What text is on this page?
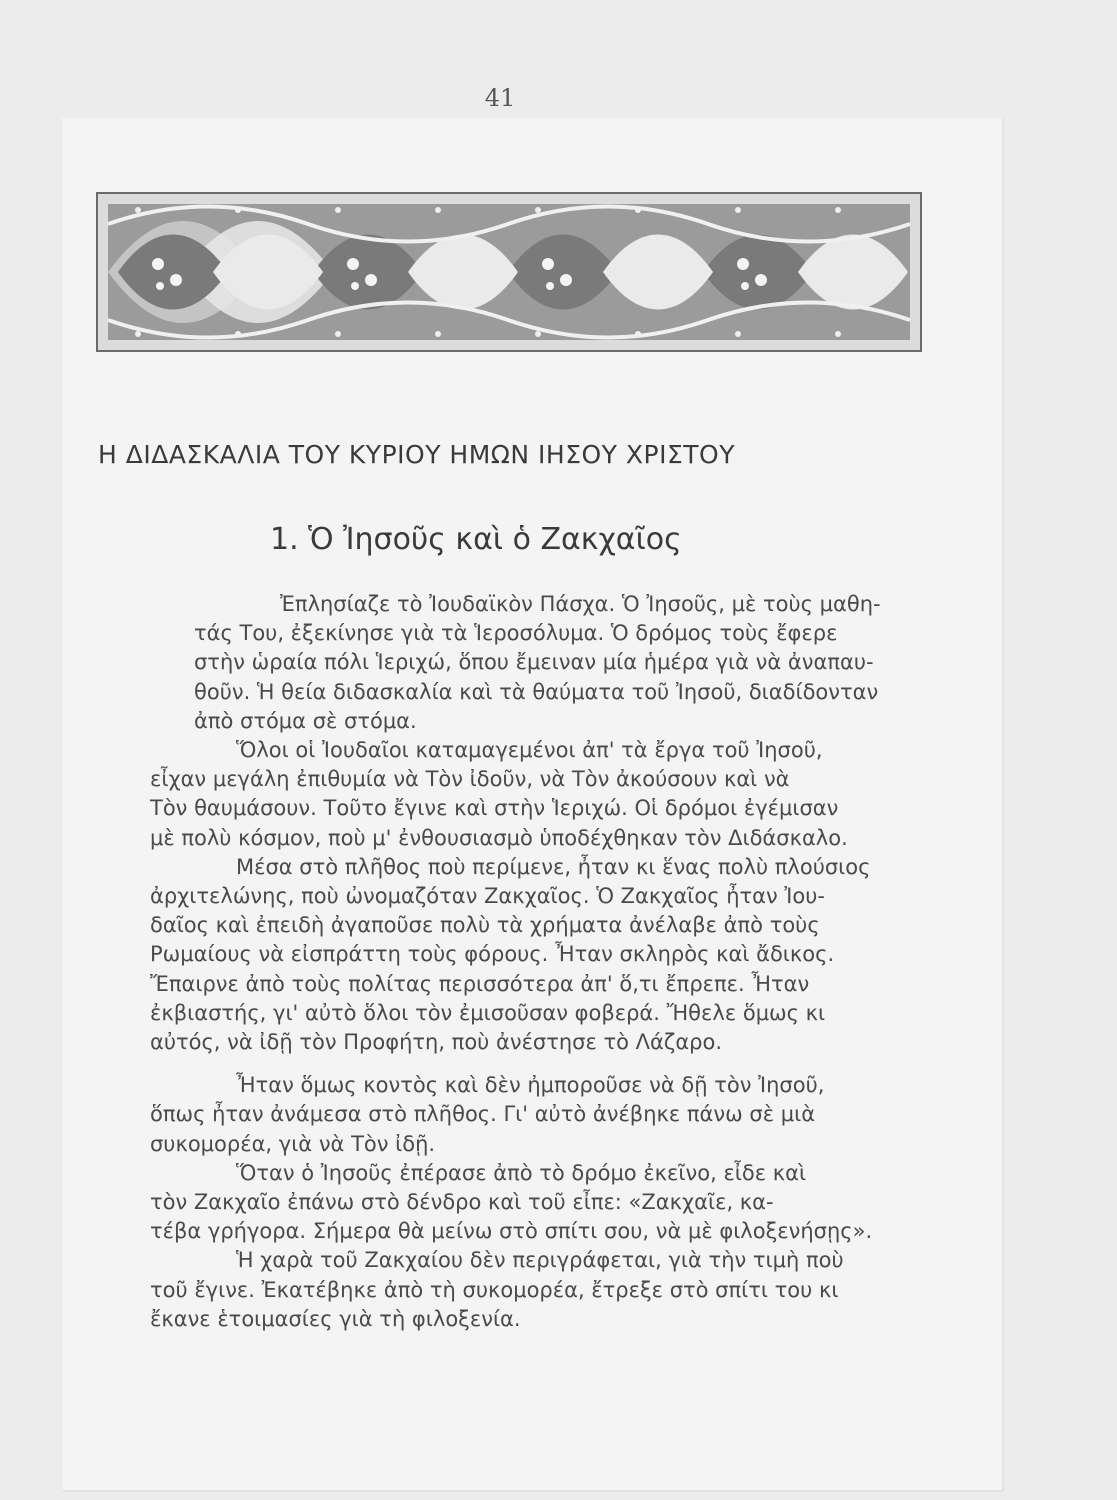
41
Η ΔΙΔΑΣΚΑΛΙΑ ΤΟΥ ΚΥΡΙΟΥ ΗΜΩΝ ΙΗΣΟΥ ΧΡΙΣΤΟΥ
1. Ὁ Ἰησοῦς καὶ ὁ Ζακχαῖος
Ἐπλησίαζε τὸ Ἰουδαϊκὸν Πάσχα. Ὁ Ἰησοῦς, μὲ τοὺς μαθη-
τάς Του, ἐξεκίνησε γιὰ τὰ Ἱεροσόλυμα. Ὁ δρόμος τοὺς ἔφερε
στὴν ὡραία πόλι Ἱεριχώ, ὅπου ἔμειναν μία ἡμέρα γιὰ νὰ ἀναπαυ-
θοῦν. Ἡ θεία διδασκαλία καὶ τὰ θαύματα τοῦ Ἰησοῦ, διαδίδονταν
ἀπὸ στόμα σὲ στόμα.
Ὅλοι οἱ Ἰουδαῖοι καταμαγεμένοι ἀπ' τὰ ἔργα τοῦ Ἰησοῦ,
εἶχαν μεγάλη ἐπιθυμία νὰ Τὸν ἰδοῦν, νὰ Τὸν ἀκούσουν καὶ νὰ
Τὸν θαυμάσουν. Τοῦτο ἔγινε καὶ στὴν Ἱεριχώ. Οἱ δρόμοι ἐγέμισαν
μὲ πολὺ κόσμον, ποὺ μ' ἐνθουσιασμὸ ὑποδέχθηκαν τὸν Διδάσκαλο.
Μέσα στὸ πλῆθος ποὺ περίμενε, ἦταν κι ἕνας πολὺ πλούσιος
ἀρχιτελώνης, ποὺ ὠνομαζόταν Ζακχαῖος. Ὁ Ζακχαῖος ἦταν Ἰου-
δαῖος καὶ ἐπειδὴ ἀγαποῦσε πολὺ τὰ χρήματα ἀνέλαβε ἀπὸ τοὺς
Ρωμαίους νὰ εἰσπράττη τοὺς φόρους. Ἦταν σκληρὸς καὶ ἄδικος.
Ἔπαιρνε ἀπὸ τοὺς πολίτας περισσότερα ἀπ' ὅ,τι ἔπρεπε. Ἦταν
ἐκβιαστής, γι' αὐτὸ ὅλοι τὸν ἐμισοῦσαν φοβερά. Ἤθελε ὅμως κι
αὐτός, νὰ ἰδῇ τὸν Προφήτη, ποὺ ἀνέστησε τὸ Λάζαρο.
Ἦταν ὅμως κοντὸς καὶ δὲν ἠμποροῦσε νὰ δῇ τὸν Ἰησοῦ,
ὅπως ἦταν ἀνάμεσα στὸ πλῆθος. Γι' αὐτὸ ἀνέβηκε πάνω σὲ μιὰ
συκομορέα, γιὰ νὰ Τὸν ἰδῇ.
Ὅταν ὁ Ἰησοῦς ἐπέρασε ἀπὸ τὸ δρόμο ἐκεῖνο, εἶδε καὶ
τὸν Ζακχαῖο ἐπάνω στὸ δένδρο καὶ τοῦ εἶπε: «Ζακχαῖε, κα-
τέβα γρήγορα. Σήμερα θὰ μείνω στὸ σπίτι σου, νὰ μὲ φιλοξενήσῃς».
Ἡ χαρὰ τοῦ Ζακχαίου δὲν περιγράφεται, γιὰ τὴν τιμὴ ποὺ
τοῦ ἔγινε. Ἐκατέβηκε ἀπὸ τὴ συκομορέα, ἔτρεξε στὸ σπίτι του κι
ἔκανε ἑτοιμασίες γιὰ τὴ φιλοξενία.
